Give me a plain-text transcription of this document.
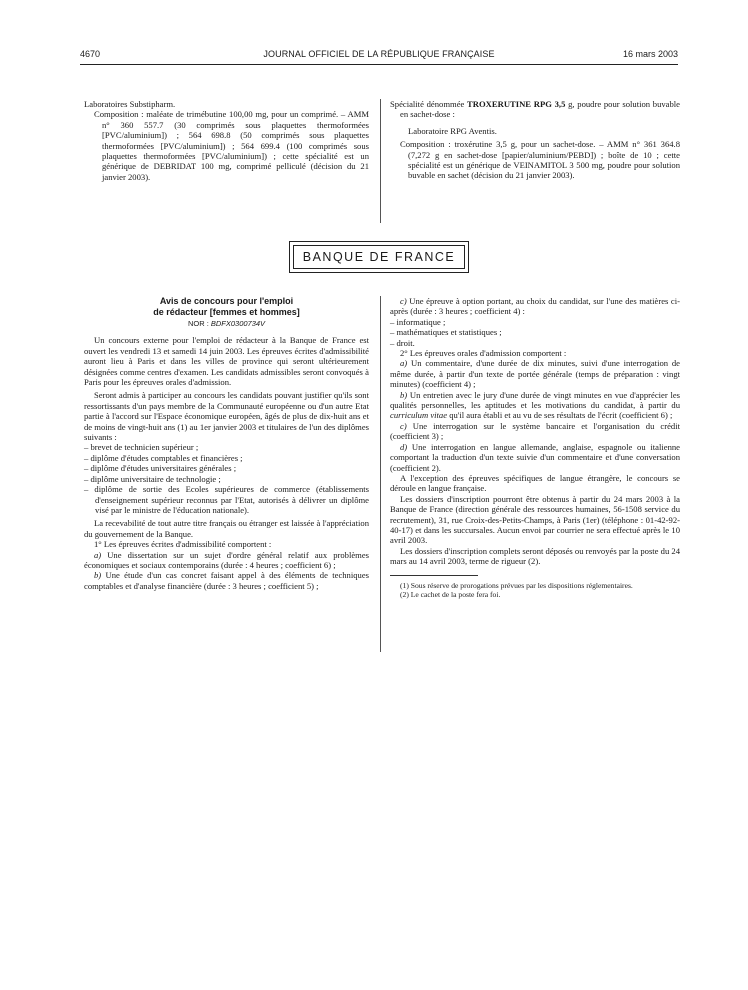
4670	JOURNAL OFFICIEL DE LA RÉPUBLIQUE FRANÇAISE	16 mars 2003

Laboratoires Substipharm.

Composition : maléate de trimébutine 100,00 mg, pour un comprimé. – AMM n° 360 557.7 (30 comprimés sous plaquettes thermoformées [PVC/aluminium]) ; 564 698.8 (50 comprimés sous plaquettes thermoformées [PVC/aluminium]) ; 564 699.4 (100 comprimés sous plaquettes thermoformées [PVC/aluminium]) ; cette spécialité est un générique de DEBRIDAT 100 mg, comprimé pelliculé (décision du 21 janvier 2003).

Spécialité dénommée TROXERUTINE RPG 3,5 g, poudre pour solution buvable en sachet-dose :

Laboratoire RPG Aventis.

Composition : troxérutine 3,5 g, pour un sachet-dose. – AMM n° 361 364.8 (7,272 g en sachet-dose [papier/aluminium/PEBD]) ; boîte de 10 ; cette spécialité est un générique de VEINAMITOL 3 500 mg, poudre pour solution buvable en sachet (décision du 21 janvier 2003).

BANQUE DE FRANCE

Avis de concours pour l'emploi

de rédacteur [femmes et hommes]

NOR : BDFX0300734V

Un concours externe pour l'emploi de rédacteur à la Banque de France est ouvert les vendredi 13 et samedi 14 juin 2003. Les épreuves écrites d'admissibilité auront lieu à Paris et dans les villes de province qui seront ultérieurement désignées comme centres d'examen. Les candidats admissibles seront convoqués à Paris pour les épreuves orales d'admission.

Seront admis à participer au concours les candidats pouvant justifier qu'ils sont ressortissants d'un pays membre de la Communauté européenne ou d'un autre Etat partie à l'accord sur l'Espace économique européen, âgés de plus de dix-huit ans et de moins de vingt-huit ans (1) au 1er janvier 2003 et titulaires de l'un des diplômes suivants :

– brevet de technicien supérieur ;
– diplôme d'études comptables et financières ;
– diplôme d'études universitaires générales ;
– diplôme universitaire de technologie ;
– diplôme de sortie des Ecoles supérieures de commerce (établissements d'enseignement supérieur reconnus par l'Etat, autorisés à délivrer un diplôme visé par le ministre de l'éducation nationale).

La recevabilité de tout autre titre français ou étranger est laissée à l'appréciation du gouvernement de la Banque.

1° Les épreuves écrites d'admissibilité comportent :

a) Une dissertation sur un sujet d'ordre général relatif aux problèmes économiques et sociaux contemporains (durée : 4 heures ; coefficient 6) ;

b) Une étude d'un cas concret faisant appel à des éléments de techniques comptables et d'analyse financière (durée : 3 heures ; coefficient 5) ;

c) Une épreuve à option portant, au choix du candidat, sur l'une des matières ci-après (durée : 3 heures ; coefficient 4) :

– informatique ;
– mathématiques et statistiques ;
– droit.

2° Les épreuves orales d'admission comportent :

a) Un commentaire, d'une durée de dix minutes, suivi d'une interrogation de même durée, à partir d'un texte de portée générale (temps de préparation : vingt minutes) (coefficient 4) ;

b) Un entretien avec le jury d'une durée de vingt minutes en vue d'apprécier les qualités personnelles, les aptitudes et les motivations du candidat, à partir du curriculum vitae qu'il aura établi et au vu de ses résultats de l'écrit (coefficient 6) ;

c) Une interrogation sur le système bancaire et l'organisation du crédit (coefficient 3) ;

d) Une interrogation en langue allemande, anglaise, espagnole ou italienne comportant la traduction d'un texte suivie d'un commentaire et d'une conversation (coefficient 2).

A l'exception des épreuves spécifiques de langue étrangère, le concours se déroule en langue française.

Les dossiers d'inscription pourront être obtenus à partir du 24 mars 2003 à la Banque de France (direction générale des ressources humaines, 56-1508 service du recrutement), 31, rue Croix-des-Petits-Champs, à Paris (1er) (téléphone : 01-42-92-40-17) et dans les succursales. Aucun envoi par courrier ne sera effectué après le 10 avril 2003.

Les dossiers d'inscription complets seront déposés ou renvoyés par la poste du 24 mars au 14 avril 2003, terme de rigueur (2).

(1) Sous réserve de prorogations prévues par les dispositions réglementaires.

(2) Le cachet de la poste fera foi.
